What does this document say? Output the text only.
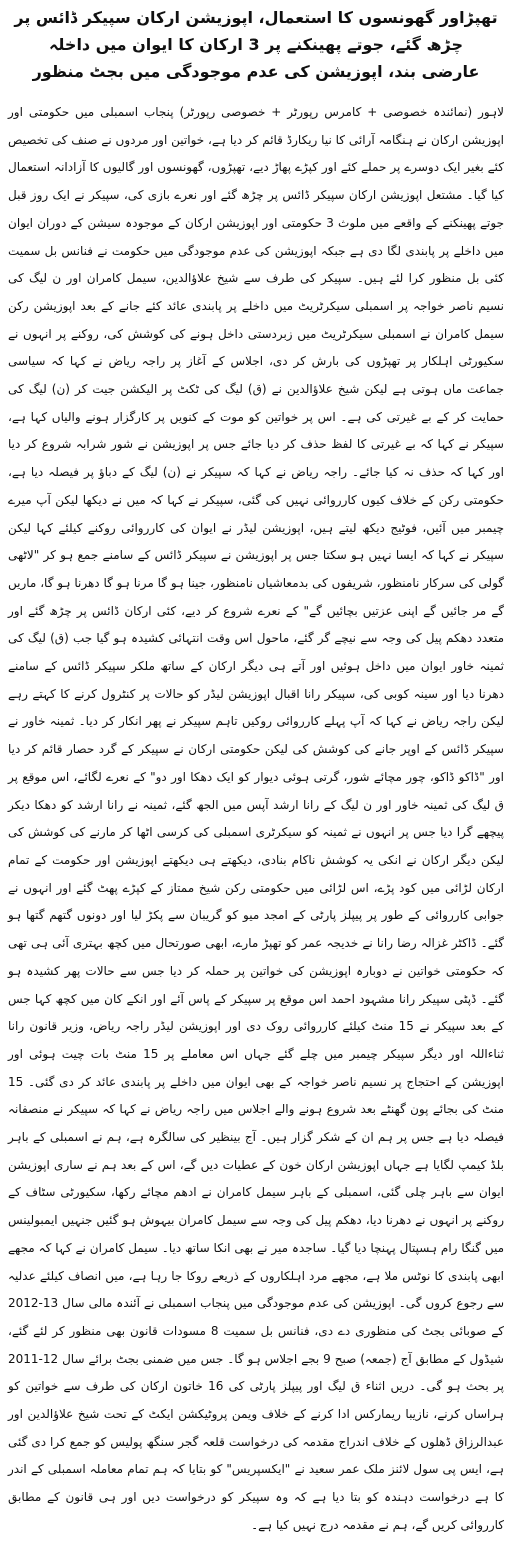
تھپڑاور گھونسوں کا استعمال، اپوزیشن ارکان سپیکر ڈائس پر چڑھ گئے، جوتے پھینکنے پر 3 ارکان کا ایوان میں داخلہ
عارضی بند، اپوزیشن کی عدم موجودگی میں بجٹ منظور

لاہور (نمائندہ خصوصی + کامرس رپورٹر + خصوصی رپورٹر) پنجاب اسمبلی میں حکومتی اور اپوزیشن ارکان نے ہنگامہ آرائی کا نیا ریکارڈ قائم کر دیا ہے، خواتین اور مردوں نے صنف کی تخصیص کئے بغیر ایک دوسرے پر حملے کئے اور کپڑے پھاڑ دیے، تھپڑوں، گھونسوں اور گالیوں کا آزادانہ استعمال کیا گیا۔ مشتعل اپوزیشن ارکان سپیکر ڈائس پر چڑھ گئے اور نعرے بازی کی، سپیکر نے ایک روز قبل جوتے پھینکنے کے واقعے میں ملوث 3 حکومتی اور اپوزیشن ارکان کے موجودہ سیشن کے دوران ایوان میں داخلے پر پابندی لگا دی ہے جبکہ اپوزیشن کی عدم موجودگی میں حکومت نے فنانس بل سمیت کئی بل منظور کرا لئے ہیں۔ سپیکر کی طرف سے شیخ علاؤالدین، سیمل کامران اور ن لیگ کی نسیم ناصر خواجہ پر اسمبلی سیکرٹریٹ میں داخلے پر پابندی عائد کئے جانے کے بعد اپوزیشن رکن سیمل کامران نے اسمبلی سیکرٹریٹ میں زبردستی داخل ہونے کی کوشش کی، روکنے پر انہوں نے سکیورٹی اہلکار پر تھپڑوں کی بارش کر دی، اجلاس کے آغاز پر راجہ ریاض نے کہا کہ سیاسی جماعت ماں ہوتی ہے لیکن شیخ علاؤالدین نے (ق) لیگ کی ٹکٹ پر الیکشن جیت کر (ن) لیگ کی حمایت کر کے بے غیرتی کی ہے۔ اس پر خواتین کو موت کے کنویں پر کارگزار ہونے والیاں کہا ہے، سپیکر نے کہا کہ بے غیرتی کا لفظ حذف کر دیا جائے جس پر اپوزیشن نے شور شرابہ شروع کر دیا اور کہا کہ حذف نہ کیا جائے۔ راجہ ریاض نے کہا کہ سپیکر نے (ن) لیگ کے دباؤ پر فیصلہ دیا ہے، حکومتی رکن کے خلاف کیوں کارروائی نہیں کی گئی، سپیکر نے کہا کہ میں نے دیکھا لیکن آپ میرے چیمبر میں آئیں، فوٹیج دیکھ لیتے ہیں، اپوزیشن لیڈر نے ایوان کی کارروائی روکنے کیلئے کہا لیکن سپیکر نے کہا کہ ایسا نہیں ہو سکتا جس پر اپوزیشن نے سپیکر ڈائس کے سامنے جمع ہو کر "لاٹھی گولی کی سرکار نامنظور، شریفوں کی بدمعاشیاں نامنظور، جینا ہو گا مرنا ہو گا دھرنا ہو گا، ماریں گے مر جائیں گے اپنی عزتیں بچائیں گے" کے نعرے شروع کر دیے، کئی ارکان ڈائس پر چڑھ گئے اور متعدد دھکم پیل کی وجہ سے نیچے گر گئے، ماحول اس وقت انتہائی کشیدہ ہو گیا جب (ق) لیگ کی ثمینہ خاور ایوان میں داخل ہوئیں اور آتے ہی دیگر ارکان کے ساتھ ملکر سپیکر ڈائس کے سامنے دھرنا دیا اور سینہ کوبی کی، سپیکر رانا اقبال اپوزیشن لیڈر کو حالات پر کنٹرول کرنے کا کہتے رہے لیکن راجہ ریاض نے کہا کہ آپ پہلے کارروائی روکیں تاہم سپیکر نے پھر انکار کر دیا۔ ثمینہ خاور نے سپیکر ڈائس کے اوپر جانے کی کوشش کی لیکن حکومتی ارکان نے سپیکر کے گرد حصار قائم کر دیا اور "ڈاکو ڈاکو، چور مچائے شور، گرتی ہوئی دیوار کو ایک دھکا اور دو" کے نعرے لگائے، اس موقع پر ق لیگ کی ثمینہ خاور اور ن لیگ کے رانا ارشد آپس میں الجھ گئے، ثمینہ نے رانا ارشد کو دھکا دیکر پیچھے گرا دیا جس پر انہوں نے ثمینہ کو سیکرٹری اسمبلی کی کرسی اٹھا کر مارنے کی کوشش کی لیکن دیگر ارکان نے انکی یہ کوشش ناکام بنادی، دیکھتے ہی دیکھتے اپوزیشن اور حکومت کے تمام ارکان لڑائی میں کود پڑے، اس لڑائی میں حکومتی رکن شیخ ممتاز کے کپڑے پھٹ گئے اور انہوں نے جوابی کارروائی کے طور پر پیپلز پارٹی کے امجد میو کو گریبان سے پکڑ لیا اور دونوں گتھم گتھا ہو گئے۔ ڈاکٹر غزالہ رضا رانا نے خدیجہ عمر کو تھپڑ مارے، ابھی صورتحال میں کچھ بہتری آئی ہی تھی کہ حکومتی خواتین نے دوبارہ اپوزیشن کی خواتین پر حملہ کر دیا جس سے حالات پھر کشیدہ ہو گئے۔ ڈپٹی سپیکر رانا مشہود احمد اس موقع پر سپیکر کے پاس آئے اور انکے کان میں کچھ کہا جس کے بعد سپیکر نے 15 منٹ کیلئے کارروائی روک دی اور اپوزیشن لیڈر راجہ ریاض، وزیر قانون رانا ثناءاللہ اور دیگر سپیکر چیمبر میں چلے گئے جہاں اس معاملے پر 15 منٹ بات چیت ہوئی اور اپوزیشن کے احتجاج پر نسیم ناصر خواجہ کے بھی ایوان میں داخلے پر پابندی عائد کر دی گئی۔ 15 منٹ کی بجائے پون گھنٹے بعد شروع ہونے والے اجلاس میں راجہ ریاض نے کہا کہ سپیکر نے منصفانہ فیصلہ دیا ہے جس پر ہم ان کے شکر گزار ہیں۔ آج بینظیر کی سالگرہ ہے، ہم نے اسمبلی کے باہر بلڈ کیمپ لگایا ہے جہاں اپوزیشن ارکان خون کے عطیات دیں گے، اس کے بعد ہم نے ساری اپوزیشن ایوان سے باہر چلی گئی، اسمبلی کے باہر سیمل کامران نے ادھم مچائے رکھا، سکیورٹی سٹاف کے روکنے پر انہوں نے دھرنا دیا، دھکم پیل کی وجہ سے سیمل کامران بیہوش ہو گئیں جنہیں ایمبولینس میں گنگا رام ہسپتال پہنچا دیا گیا۔ ساجدہ میر نے بھی انکا ساتھ دیا۔ سیمل کامران نے کہا کہ مجھے ابھی پابندی کا نوٹس ملا ہے، مجھے مرد اہلکاروں کے ذریعے روکا جا رہا ہے، میں انصاف کیلئے عدلیہ سے رجوع کروں گی۔ اپوزیشن کی عدم موجودگی میں پنجاب اسمبلی نے آئندہ مالی سال 13-2012 کے صوبائی بجٹ کی منظوری دے دی، فنانس بل سمیت 8 مسودات قانون بھی منظور کر لئے گئے، شیڈول کے مطابق آج (جمعہ) صبح 9 بجے اجلاس ہو گا۔ جس میں ضمنی بجٹ برائے سال 12-2011 پر بحث ہو گی۔ دریں اثناء ق لیگ اور پیپلز پارٹی کی 16 خاتون ارکان کی طرف سے خواتین کو ہراساں کرنے، نازیبا ریمارکس ادا کرنے کے خلاف ویمن پروٹیکشن ایکٹ کے تحت شیخ علاؤالدین اور عبدالرزاق ڈھلوں کے خلاف اندراج مقدمہ کی درخواست قلعہ گجر سنگھ پولیس کو جمع کرا دی گئی ہے، ایس پی سول لائنز ملک عمر سعید نے "ایکسپریس" کو بتایا کہ ہم تمام معاملہ اسمبلی کے اندر کا ہے درخواست دہندہ کو بتا دیا ہے کہ وہ سپیکر کو درخواست دیں اور ہی قانون کے مطابق کارروائی کریں گے، ہم نے مقدمہ درج نہیں کیا ہے۔
